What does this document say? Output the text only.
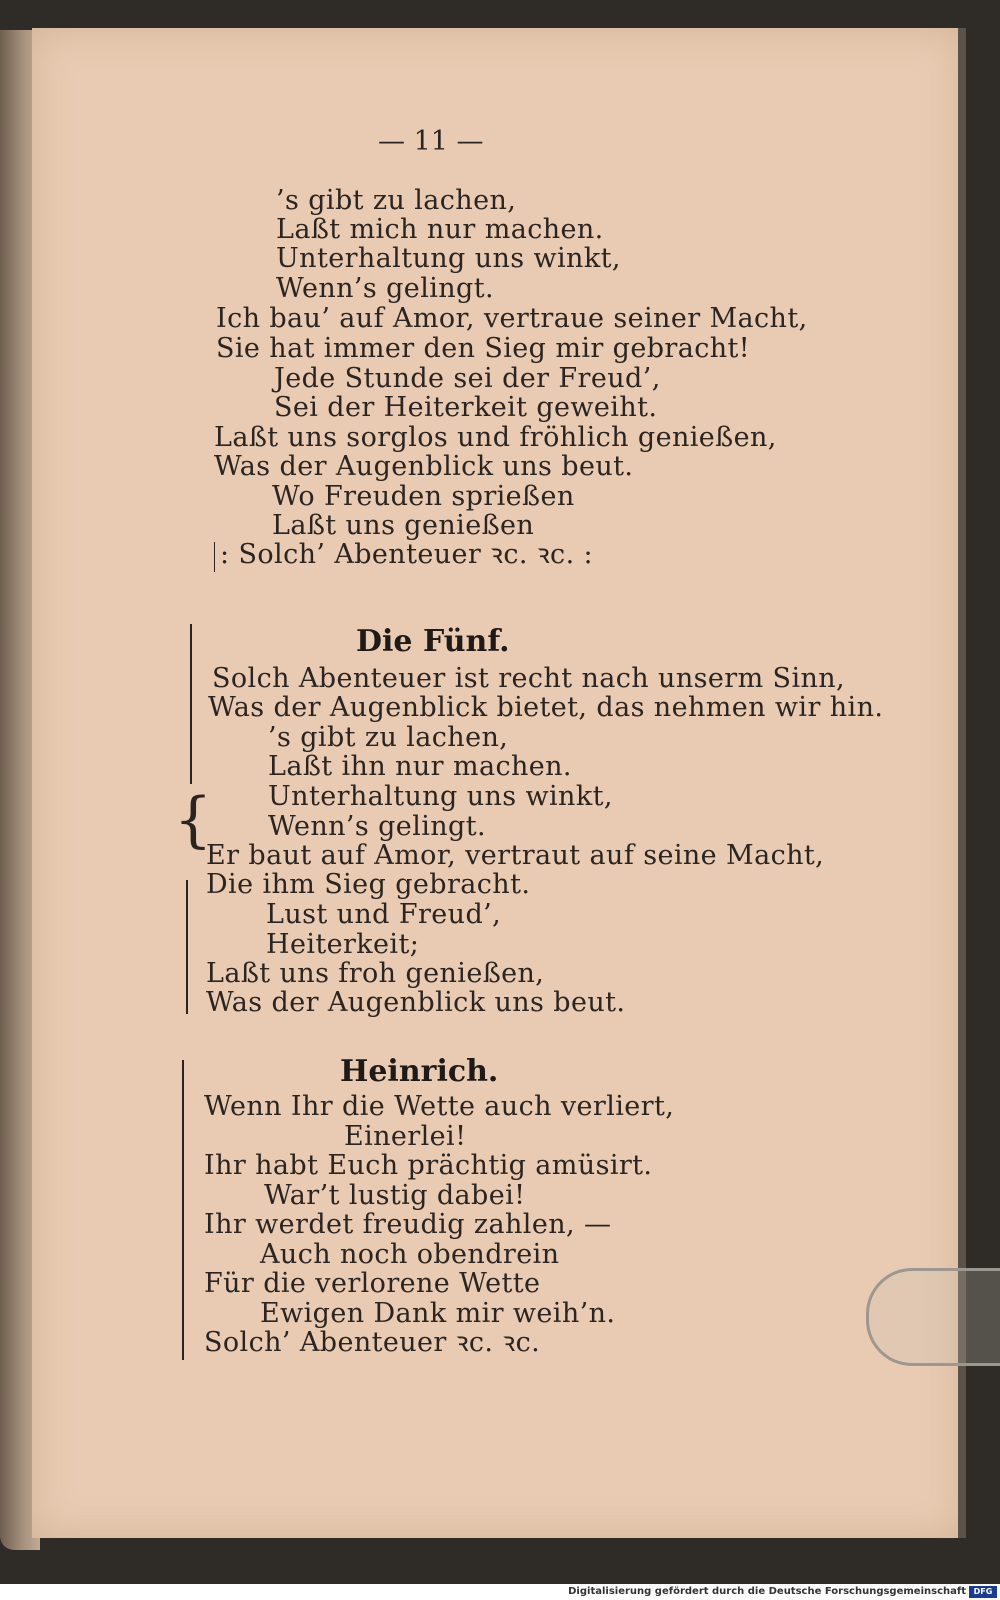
— 11 —
’s gibt zu lachen,
Laßt mich nur machen.
Unterhaltung uns winkt,
Wenn’s gelingt.
Ich bau’ auf Amor, vertraue seiner Macht,
Sie hat immer den Sieg mir gebracht!
Jede Stunde sei der Freud’,
Sei der Heiterkeit geweiht.
Laßt uns sorglos und fröhlich genießen,
Was der Augenblick uns beut.
Wo Freuden sprießen
Laßt uns genießen
: Solch’ Abenteuer ꝛc. ꝛc. :
{
Die Fünf.
Solch Abenteuer ist recht nach unserm Sinn,
Was der Augenblick bietet, das nehmen wir hin.
’s gibt zu lachen,
Laßt ihn nur machen.
Unterhaltung uns winkt,
Wenn’s gelingt.
Er baut auf Amor, vertraut auf seine Macht,
Die ihm Sieg gebracht.
Lust und Freud’,
Heiterkeit;
Laßt uns froh genießen,
Was der Augenblick uns beut.
Heinrich.
Wenn Ihr die Wette auch verliert,
Einerlei!
Ihr habt Euch prächtig amüsirt.
War’t lustig dabei!
Ihr werdet freudig zahlen, —
Auch noch obendrein
Für die verlorene Wette
Ewigen Dank mir weih’n.
Solch’ Abenteuer ꝛc. ꝛc.
Digitalisierung gefördert durch die Deutsche Forschungsgemeinschaft DFG
